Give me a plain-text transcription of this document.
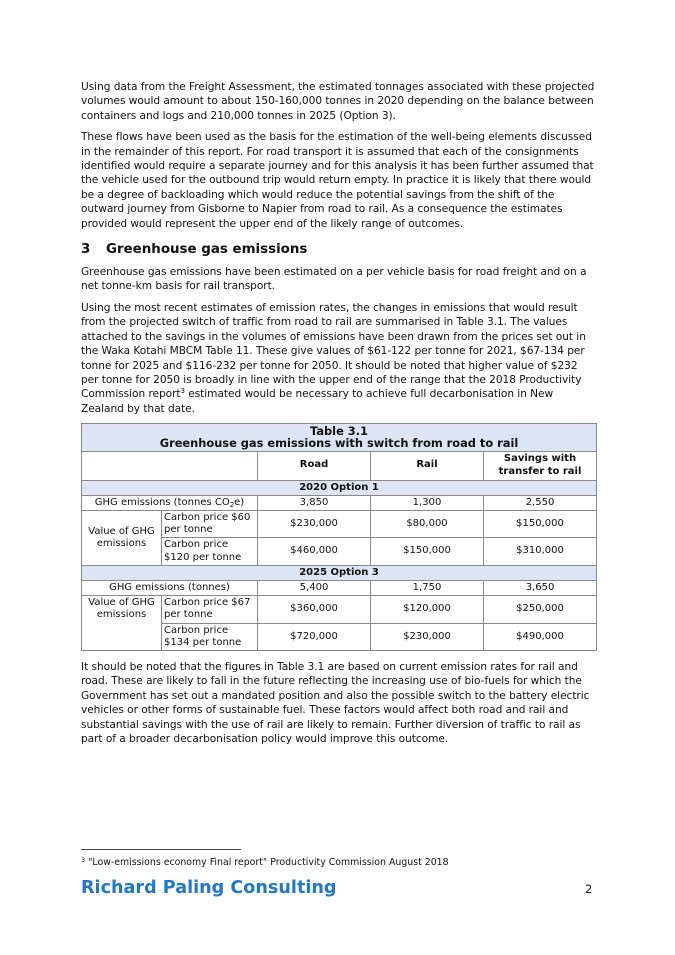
Using data from the Freight Assessment, the estimated tonnages associated with these projected volumes would amount to about 150-160,000 tonnes in 2020 depending on the balance between containers and logs and 210,000 tonnes in 2025 (Option 3).

These flows have been used as the basis for the estimation of the well-being elements discussed in the remainder of this report. For road transport it is assumed that each of the consignments identified would require a separate journey and for this analysis it has been further assumed that the vehicle used for the outbound trip would return empty. In practice it is likely that there would be a degree of backloading which would reduce the potential savings from the shift of the outward journey from Gisborne to Napier from road to rail. As a consequence the estimates provided would represent the upper end of the likely range of outcomes.

3 Greenhouse gas emissions

Greenhouse gas emissions have been estimated on a per vehicle basis for road freight and on a net tonne-km basis for rail transport.

Using the most recent estimates of emission rates, the changes in emissions that would result from the projected switch of traffic from road to rail are summarised in Table 3.1. The values attached to the savings in the volumes of emissions have been drawn from the prices set out in the Waka Kotahi MBCM Table 11. These give values of $61-122 per tonne for 2021, $67-134 per tonne for 2025 and $116-232 per tonne for 2050. It should be noted that higher value of $232 per tonne for 2050 is broadly in line with the upper end of the range that the 2018 Productivity Commission report$^3$ estimated would be necessary to achieve full decarbonisation in New Zealand by that date.

Table 3.1
Greenhouse gas emissions with switch from road to rail				

		Road	Rail	Savings with transfer to rail
2020 Option 1				
GHG emissions (tonnes $CO_2e$)		3,850	1,300	2,550
Value of GHG emissions	Carbon price $60 per tonne	$230,000	$80,000	$150,000
	Carbon price $120 per tonne	$460,000	$150,000	$310,000
2025 Option 3				
GHG emissions (tonnes)		5,400	1,750	3,650
Value of GHG emissions	Carbon price $67 per tonne	$360,000	$120,000	$250,000
	Carbon price $134 per tonne	$720,000	$230,000	$490,000

It should be noted that the figures in Table 3.1 are based on current emission rates for rail and road. These are likely to fall in the future reflecting the increasing use of bio-fuels for which the Government has set out a mandated position and also the possible switch to the battery electric vehicles or other forms of sustainable fuel. These factors would affect both road and rail and substantial savings with the use of rail are likely to remain. Further diversion of traffic to rail as part of a broader decarbonisation policy would improve this outcome.

$^3$ "Low-emissions economy Final report" Productivity Commission August 2018
Richard Paling Consulting	2
